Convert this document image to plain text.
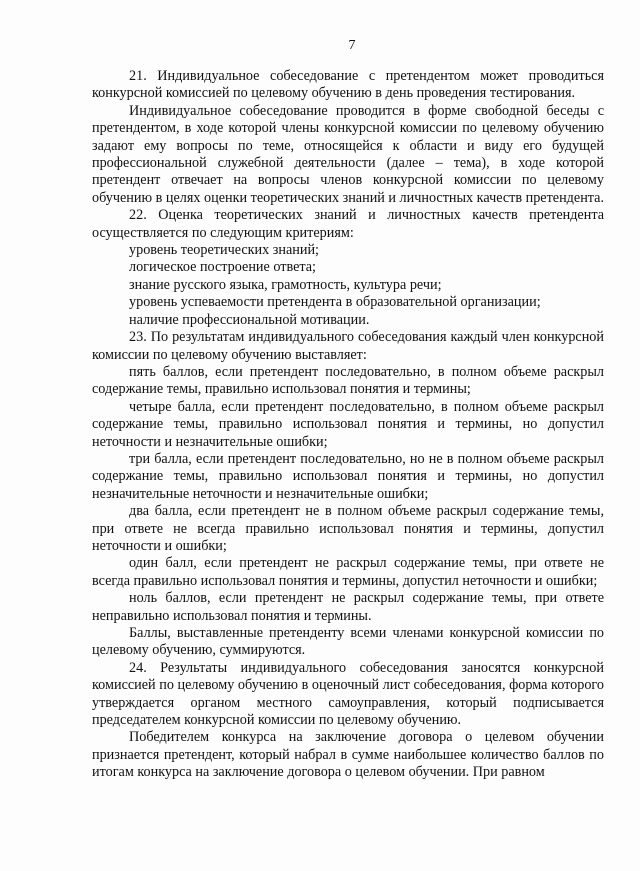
7

21. Индивидуальное собеседование с претендентом может проводиться конкурсной комиссией по целевому обучению в день проведения тестирования.

Индивидуальное собеседование проводится в форме свободной беседы с претендентом, в ходе которой члены конкурсной комиссии по целевому обучению задают ему вопросы по теме, относящейся к области и виду его будущей профессиональной служебной деятельности (далее – тема), в ходе которой претендент отвечает на вопросы членов конкурсной комиссии по целевому обучению в целях оценки теоретических знаний и личностных качеств претендента.

22. Оценка теоретических знаний и личностных качеств претендента осуществляется по следующим критериям:

уровень теоретических знаний;

логическое построение ответа;

знание русского языка, грамотность, культура речи;

уровень успеваемости претендента в образовательной организации;

наличие профессиональной мотивации.

23. По результатам индивидуального собеседования каждый член конкурсной комиссии по целевому обучению выставляет:

пять баллов, если претендент последовательно, в полном объеме раскрыл содержание темы, правильно использовал понятия и термины;

четыре балла, если претендент последовательно, в полном объеме раскрыл содержание темы, правильно использовал понятия и термины, но допустил неточности и незначительные ошибки;

три балла, если претендент последовательно, но не в полном объеме раскрыл содержание темы, правильно использовал понятия и термины, но допустил незначительные неточности и незначительные ошибки;

два балла, если претендент не в полном объеме раскрыл содержание темы, при ответе не всегда правильно использовал понятия и термины, допустил неточности и ошибки;

один балл, если претендент не раскрыл содержание темы, при ответе не всегда правильно использовал понятия и термины, допустил неточности и ошибки;

ноль баллов, если претендент не раскрыл содержание темы, при ответе неправильно использовал понятия и термины.

Баллы, выставленные претенденту всеми членами конкурсной комиссии по целевому обучению, суммируются.

24. Результаты индивидуального собеседования заносятся конкурсной комиссией по целевому обучению в оценочный лист собеседования, форма которого утверждается органом местного самоуправления, который подписывается председателем конкурсной комиссии по целевому обучению.

Победителем конкурса на заключение договора о целевом обучении признается претендент, который набрал в сумме наибольшее количество баллов по итогам конкурса на заключение договора о целевом обучении. При равном
